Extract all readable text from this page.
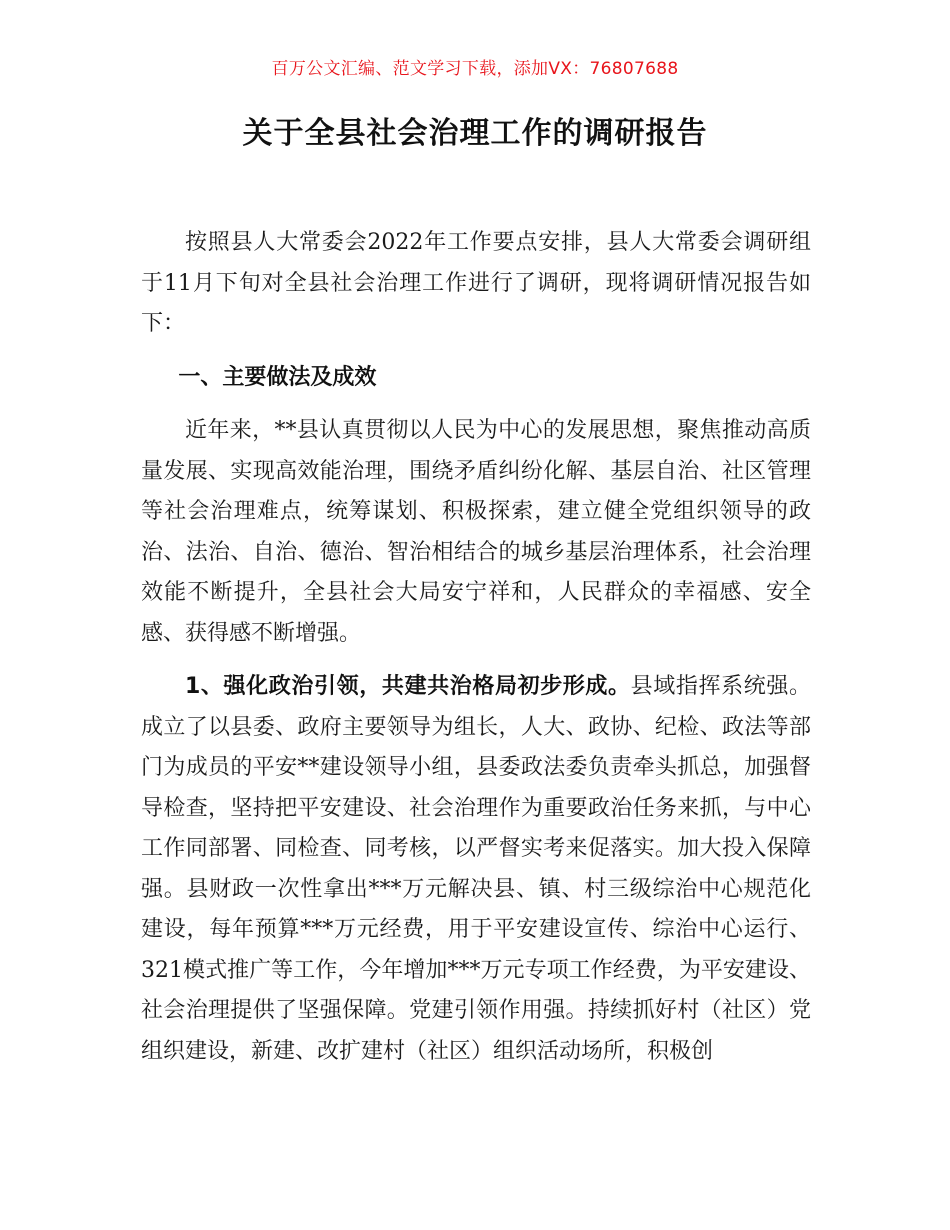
百万公文汇编、范文学习下载，添加VX：76807688
关于全县社会治理工作的调研报告

按照县人大常委会2022年工作要点安排，县人大常委会调研组于11月下旬对全县社会治理工作进行了调研，现将调研情况报告如下：

一、主要做法及成效

近年来，**县认真贯彻以人民为中心的发展思想，聚焦推动高质量发展、实现高效能治理，围绕矛盾纠纷化解、基层自治、社区管理等社会治理难点，统筹谋划、积极探索，建立健全党组织领导的政治、法治、自治、德治、智治相结合的城乡基层治理体系，社会治理效能不断提升，全县社会大局安宁祥和，人民群众的幸福感、安全感、获得感不断增强。

1、强化政治引领，共建共治格局初步形成。县域指挥系统强。成立了以县委、政府主要领导为组长，人大、政协、纪检、政法等部门为成员的平安**建设领导小组，县委政法委负责牵头抓总，加强督导检查，坚持把平安建设、社会治理作为重要政治任务来抓，与中心工作同部署、同检查、同考核，以严督实考来促落实。加大投入保障强。县财政一次性拿出***万元解决县、镇、村三级综治中心规范化建设，每年预算***万元经费，用于平安建设宣传、综治中心运行、321模式推广等工作，今年增加***万元专项工作经费，为平安建设、社会治理提供了坚强保障。党建引领作用强。持续抓好村（社区）党组织建设，新建、改扩建村（社区）组织活动场所，积极创
